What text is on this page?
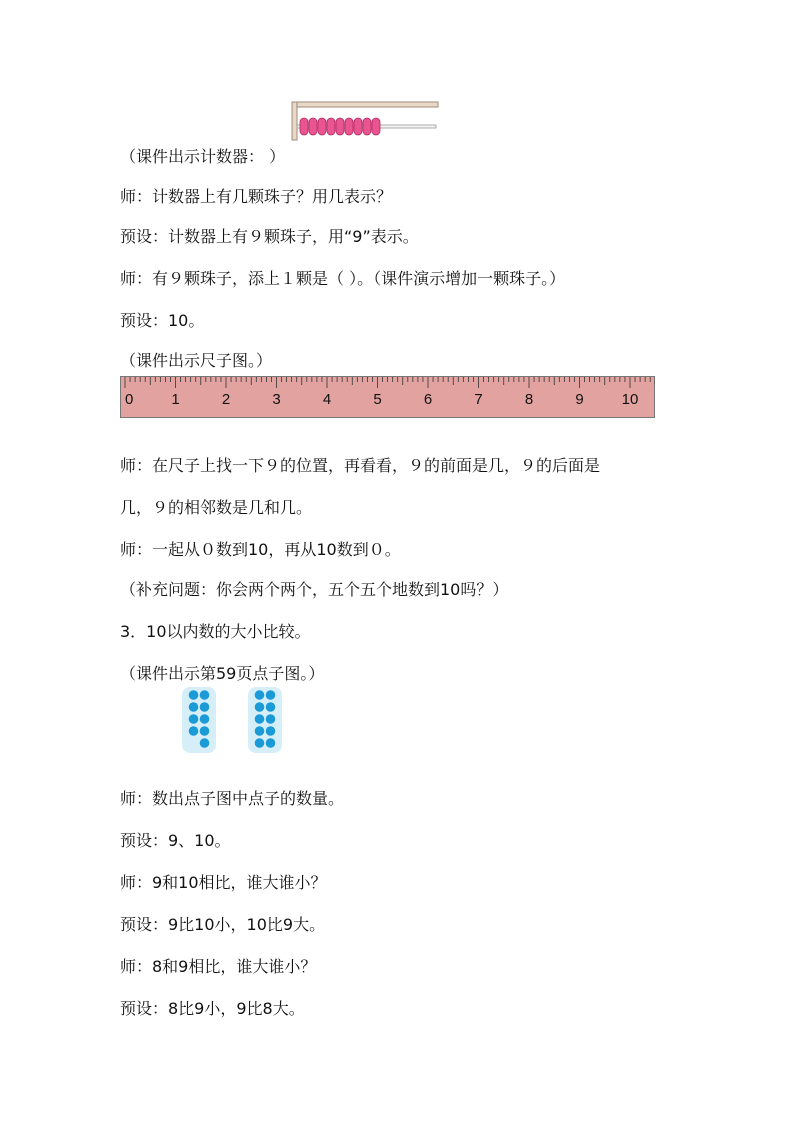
（课件出示计数器： ）

师：计数器上有几颗珠子？用几表示？

预设：计数器上有９颗珠子，用“9”表示。

师：有９颗珠子，添上１颗是（ ）。（课件演示增加一颗珠子。）

预设：10。

（课件出示尺子图。）

0	1	2	3	4	5	6	7	8	9	10

师：在尺子上找一下９的位置，再看看，９的前面是几，９的后面是

几，９的相邻数是几和几。

师：一起从０数到10，再从10数到０。

（补充问题：你会两个两个，五个五个地数到10吗？）

3．10以内数的大小比较。

（课件出示第59页点子图。）

师：数出点子图中点子的数量。

预设：9、10。

师：9和10相比，谁大谁小？

预设：9比10小，10比9大。

师：8和9相比，谁大谁小？

预设：8比9小，9比8大。
